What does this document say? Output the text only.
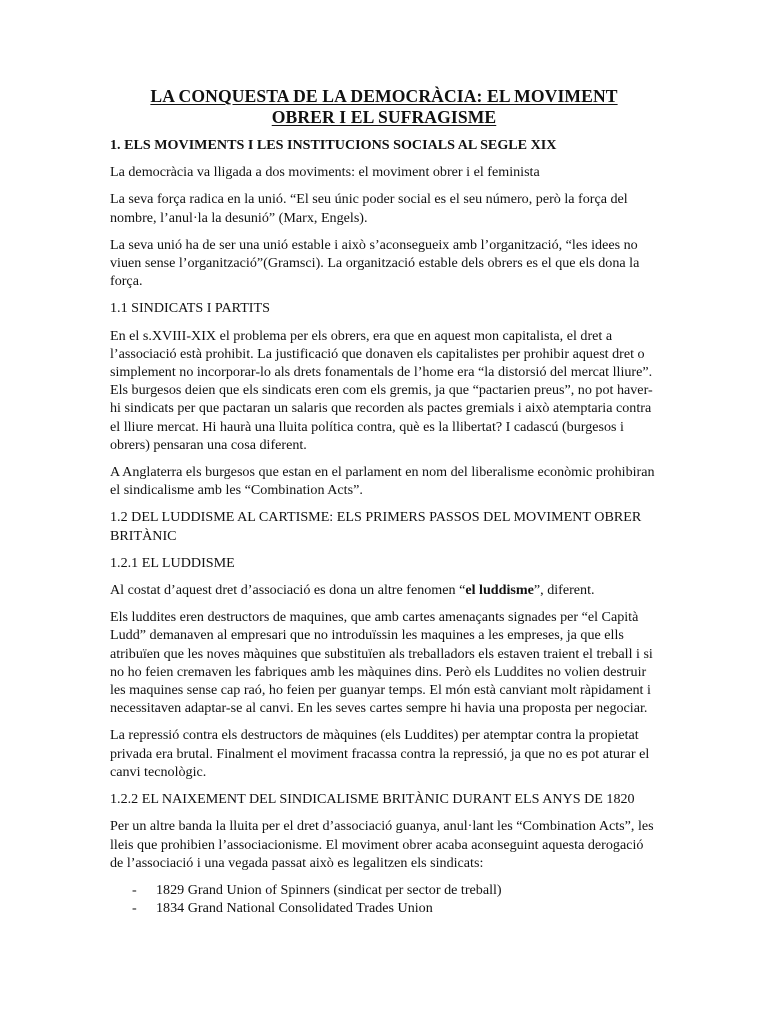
LA CONQUESTA DE LA DEMOCRÀCIA: EL MOVIMENT
OBRER I EL SUFRAGISME
1. ELS MOVIMENTS I LES INSTITUCIONS SOCIALS AL SEGLE XIX

La democràcia va lligada a dos moviments: el moviment obrer i el feminista

La seva força radica en la unió. “El seu únic poder social es el seu número, però la força del nombre, l’anul·la la desunió” (Marx, Engels).

La seva unió ha de ser una unió estable i això s’aconsegueix amb l’organització, “les idees no viuen sense l’organització”(Gramsci). La organització estable dels obrers es el que els dona la força.

1.1 SINDICATS I PARTITS

En el s.XVIII-XIX el problema per els obrers, era que en aquest mon capitalista, el dret a l’associació està prohibit. La justificació que donaven els capitalistes per prohibir aquest dret o simplement no incorporar-lo als drets fonamentals de l’home era “la distorsió del mercat lliure”. Els burgesos deien que els sindicats eren com els gremis, ja que “pactarien preus”, no pot haver-hi sindicats per que pactaran un salaris que recorden als pactes gremials i això atemptaria contra el lliure mercat. Hi haurà una lluita política contra, què es la llibertat? I cadascú (burgesos i obrers) pensaran una cosa diferent.

A Anglaterra els burgesos que estan en el parlament en nom del liberalisme econòmic prohibiran el sindicalisme amb les “Combination Acts”.

1.2 DEL LUDDISME AL CARTISME: ELS PRIMERS PASSOS DEL MOVIMENT OBRER BRITÀNIC
1.2.1 EL LUDDISME

Al costat d’aquest dret d’associació es dona un altre fenomen “el luddisme”, diferent.

Els luddites eren destructors de maquines, que amb cartes amenaçants signades per “el Capità Ludd” demanaven al empresari que no introduïssin les maquines a les empreses, ja que ells atribuïen que les noves màquines que substituïen als treballadors els estaven traient el treball i si no ho feien cremaven les fabriques amb les màquines dins. Però els Luddites no volien destruir les maquines sense cap raó, ho feien per guanyar temps. El món està canviant molt ràpidament i necessitaven adaptar-se al canvi. En les seves cartes sempre hi havia una proposta per negociar.

La repressió contra els destructors de màquines (els Luddites) per atemptar contra la propietat privada era brutal. Finalment el moviment fracassa contra la repressió, ja que no es pot aturar el canvi tecnològic.

1.2.2 EL NAIXEMENT DEL SINDICALISME BRITÀNIC DURANT ELS ANYS DE 1820

Per un altre banda la lluita per el dret d’associació guanya, anul·lant les “Combination Acts”, les lleis que prohibien l’associacionisme. El moviment obrer acaba aconseguint aquesta derogació de l’associació i una vegada passat això es legalitzen els sindicats:

- 1829 Grand Union of Spinners (sindicat per sector de treball)
- 1834 Grand National Consolidated Trades Union
